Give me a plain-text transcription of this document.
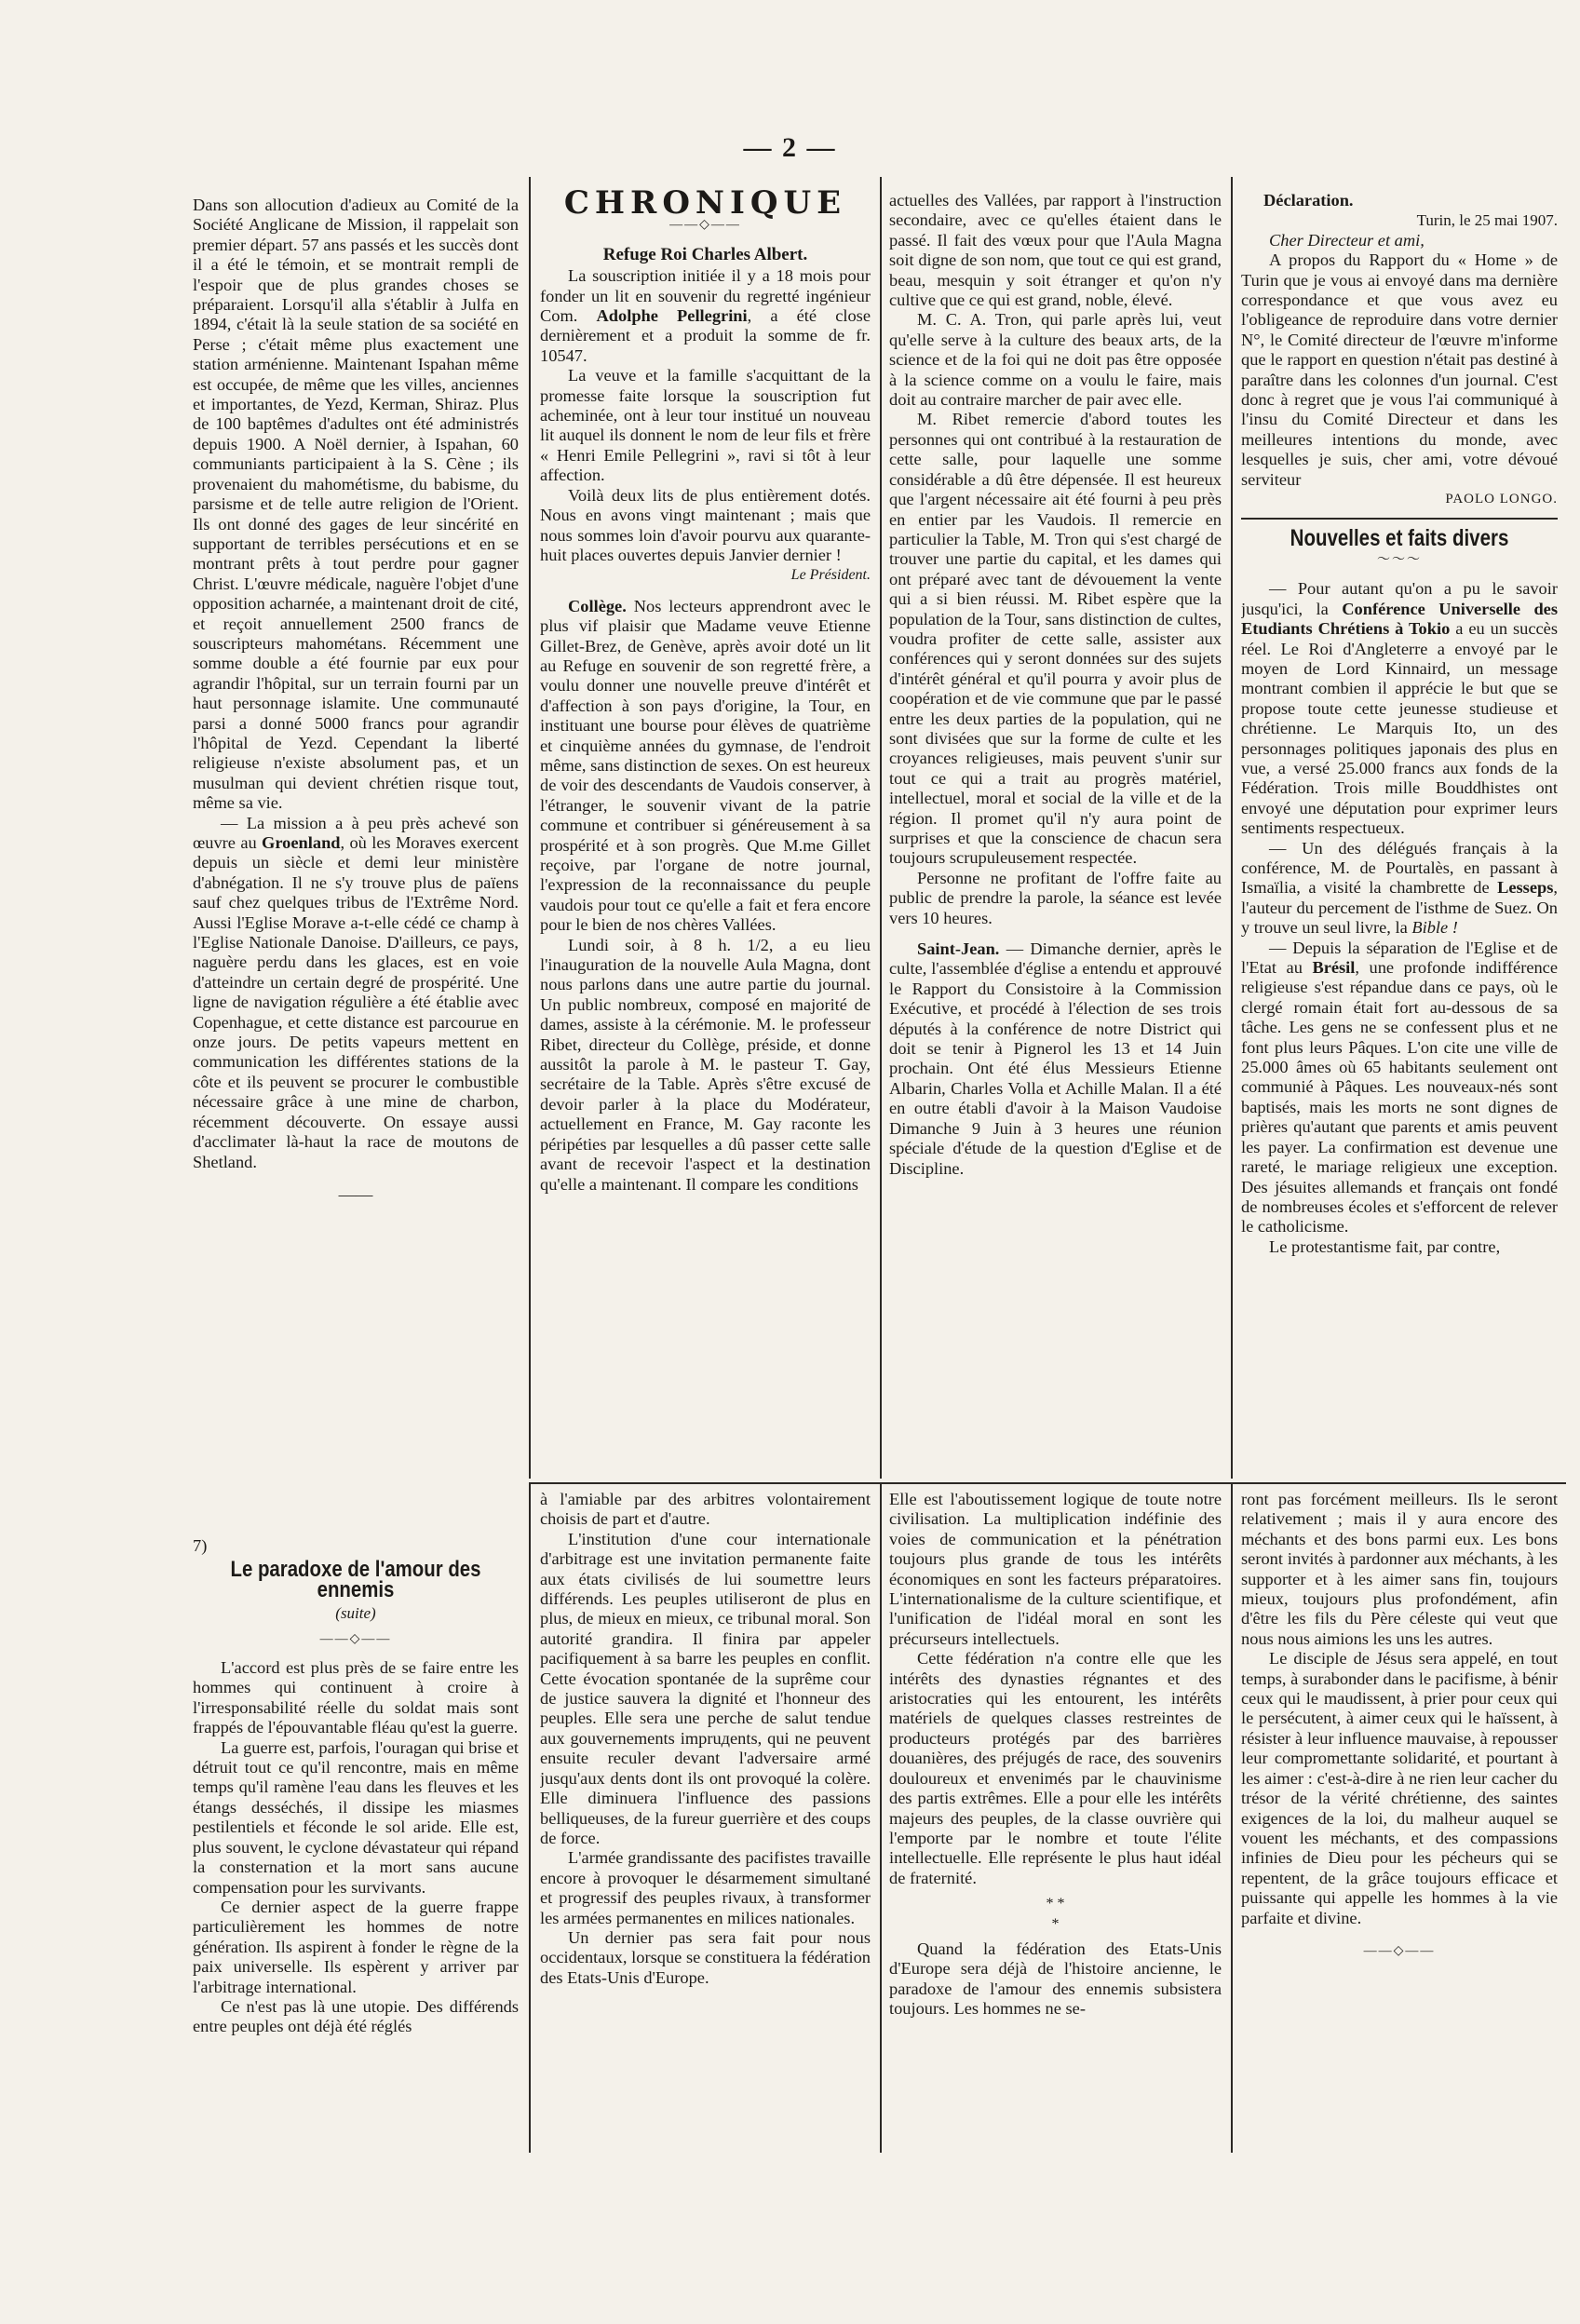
— 2 —

Dans son allocution d'adieux au Comité de la Société Anglicane de Mission, il rappelait son premier départ. 57 ans passés et les succès dont il a été le témoin, et se montrait rempli de l'espoir que de plus grandes choses se préparaient. Lorsqu'il alla s'établir à Julfa en 1894, c'était là la seule station de sa société en Perse ; c'était même plus exactement une station arménienne. Maintenant Ispahan même est occupée, de même que les villes, anciennes et importantes, de Yezd, Kerman, Shiraz. Plus de 100 baptêmes d'adultes ont été administrés depuis 1900. A Noël dernier, à Ispahan, 60 communiants participaient à la S. Cène ; ils provenaient du mahométisme, du babisme, du parsisme et de telle autre religion de l'Orient. Ils ont donné des gages de leur sincérité en supportant de terribles persécutions et en se montrant prêts à tout perdre pour gagner Christ. L'œuvre médicale, naguère l'objet d'une opposition acharnée, a maintenant droit de cité, et reçoit annuellement 2500 francs de souscripteurs mahométans. Récemment une somme double a été fournie par eux pour agrandir l'hôpital, sur un terrain fourni par un haut personnage islamite. Une communauté parsi a donné 5000 francs pour agrandir l'hôpital de Yezd. Cependant la liberté religieuse n'existe absolument pas, et un musulman qui devient chrétien risque tout, même sa vie.

— La mission a à peu près achevé son œuvre au Groenland, où les Moraves exercent depuis un siècle et demi leur ministère d'abnégation. Il ne s'y trouve plus de païens sauf chez quelques tribus de l'Extrême Nord. Aussi l'Eglise Morave a-t-elle cédé ce champ à l'Eglise Nationale Danoise. D'ailleurs, ce pays, naguère perdu dans les glaces, est en voie d'atteindre un certain degré de prospérité. Une ligne de navigation régulière a été établie avec Copenhague, et cette distance est parcourue en onze jours. De petits vapeurs mettent en communication les différentes stations de la côte et ils peuvent se procurer le combustible nécessaire grâce à une mine de charbon, récemment découverte. On essaye aussi d'acclimater là-haut la race de moutons de Shetland.

——
CHRONIQUE
——◇——
Refuge Roi Charles Albert.

La souscription initiée il y a 18 mois pour fonder un lit en souvenir du regretté ingénieur Com. Adolphe Pellegrini, a été close dernièrement et a produit la somme de fr. 10547.

La veuve et la famille s'acquittant de la promesse faite lorsque la souscription fut acheminée, ont à leur tour institué un nouveau lit auquel ils donnent le nom de leur fils et frère « Henri Emile Pellegrini », ravi si tôt à leur affection.

Voilà deux lits de plus entièrement dotés. Nous en avons vingt maintenant ; mais que nous sommes loin d'avoir pourvu aux quarante-huit places ouvertes depuis Janvier dernier !

Le Président.

Collège. Nos lecteurs apprendront avec le plus vif plaisir que Madame veuve Etienne Gillet-Brez, de Genève, après avoir doté un lit au Refuge en souvenir de son regretté frère, a voulu donner une nouvelle preuve d'intérêt et d'affection à son pays d'origine, la Tour, en instituant une bourse pour élèves de quatrième et cinquième années du gymnase, de l'endroit même, sans distinction de sexes. On est heureux de voir des descendants de Vaudois conserver, à l'étranger, le souvenir vivant de la patrie commune et contribuer si généreusement à sa prospérité et à son progrès. Que M.me Gillet reçoive, par l'organe de notre journal, l'expression de la reconnaissance du peuple vaudois pour tout ce qu'elle a fait et fera encore pour le bien de nos chères Vallées.

Lundi soir, à 8 h. 1/2, a eu lieu l'inauguration de la nouvelle Aula Magna, dont nous parlons dans une autre partie du journal. Un public nombreux, composé en majorité de dames, assiste à la cérémonie. M. le professeur Ribet, directeur du Collège, préside, et donne aussitôt la parole à M. le pasteur T. Gay, secrétaire de la Table. Après s'être excusé de devoir parler à la place du Modérateur, actuellement en France, M. Gay raconte les péripéties par lesquelles a dû passer cette salle avant de recevoir l'aspect et la destination qu'elle a maintenant. Il compare les conditions

actuelles des Vallées, par rapport à l'instruction secondaire, avec ce qu'elles étaient dans le passé. Il fait des vœux pour que l'Aula Magna soit digne de son nom, que tout ce qui est grand, beau, mesquin y soit étranger et qu'on n'y cultive que ce qui est grand, noble, élevé.

M. C. A. Tron, qui parle après lui, veut qu'elle serve à la culture des beaux arts, de la science et de la foi qui ne doit pas être opposée à la science comme on a voulu le faire, mais doit au contraire marcher de pair avec elle.

M. Ribet remercie d'abord toutes les personnes qui ont contribué à la restauration de cette salle, pour laquelle une somme considérable a dû être dépensée. Il est heureux que l'argent nécessaire ait été fourni à peu près en entier par les Vaudois. Il remercie en particulier la Table, M. Tron qui s'est chargé de trouver une partie du capital, et les dames qui ont préparé avec tant de dévouement la vente qui a si bien réussi. M. Ribet espère que la population de la Tour, sans distinction de cultes, voudra profiter de cette salle, assister aux conférences qui y seront données sur des sujets d'intérêt général et qu'il pourra y avoir plus de coopération et de vie commune que par le passé entre les deux parties de la population, qui ne sont divisées que sur la forme de culte et les croyances religieuses, mais peuvent s'unir sur tout ce qui a trait au progrès matériel, intellectuel, moral et social de la ville et de la région. Il promet qu'il n'y aura point de surprises et que la conscience de chacun sera toujours scrupuleusement respectée.

Personne ne profitant de l'offre faite au public de prendre la parole, la séance est levée vers 10 heures.

Saint-Jean. — Dimanche dernier, après le culte, l'assemblée d'église a entendu et approuvé le Rapport du Consistoire à la Commission Exécutive, et procédé à l'élection de ses trois députés à la conférence de notre District qui doit se tenir à Pignerol les 13 et 14 Juin prochain. Ont été élus Messieurs Etienne Albarin, Charles Volla et Achille Malan. Il a été en outre établi d'avoir à la Maison Vaudoise Dimanche 9 Juin à 3 heures une réunion spéciale d'étude de la question d'Eglise et de Discipline.

Déclaration.
Turin, le 25 mai 1907.

Cher Directeur et ami,

A propos du Rapport du « Home » de Turin que je vous ai envoyé dans ma dernière correspondance et que vous avez eu l'obligeance de reproduire dans votre dernier N°, le Comité directeur de l'œuvre m'informe que le rapport en question n'était pas destiné à paraître dans les colonnes d'un journal. C'est donc à regret que je vous l'ai communiqué à l'insu du Comité Directeur et dans les meilleures intentions du monde, avec lesquelles je suis, cher ami, votre dévoué serviteur

PAOLO LONGO.
Nouvelles et faits divers
～～～

— Pour autant qu'on a pu le savoir jusqu'ici, la Conférence Universelle des Etudiants Chrétiens à Tokio a eu un succès réel. Le Roi d'Angleterre a envoyé par le moyen de Lord Kinnaird, un message montrant combien il apprécie le but que se propose toute cette jeunesse studieuse et chrétienne. Le Marquis Ito, un des personnages politiques japonais des plus en vue, a versé 25.000 francs aux fonds de la Fédération. Trois mille Bouddhistes ont envoyé une députation pour exprimer leurs sentiments respectueux.

— Un des délégués français à la conférence, M. de Pourtalès, en passant à Ismaïlia, a visité la chambrette de Lesseps, l'auteur du percement de l'isthme de Suez. On y trouve un seul livre, la Bible !

— Depuis la séparation de l'Eglise et de l'Etat au Brésil, une profonde indifférence religieuse s'est répandue dans ce pays, où le clergé romain était fort au-dessous de sa tâche. Les gens ne se confessent plus et ne font plus leurs Pâques. L'on cite une ville de 25.000 âmes où 65 habitants seulement ont communié à Pâques. Les nouveaux-nés sont baptisés, mais les morts ne sont dignes de prières qu'autant que parents et amis peuvent les payer. La confirmation est devenue une rareté, le mariage religieux une exception. Des jésuites allemands et français ont fondé de nombreuses écoles et s'efforcent de relever le catholicisme.

Le protestantisme fait, par contre,

7)
Le paradoxe de l'amour des ennemis
(suite)
——◇——

L'accord est plus près de se faire entre les hommes qui continuent à croire à l'irresponsabilité réelle du soldat mais sont frappés de l'épouvantable fléau qu'est la guerre.

La guerre est, parfois, l'ouragan qui brise et détruit tout ce qu'il rencontre, mais en même temps qu'il ramène l'eau dans les fleuves et les étangs desséchés, il dissipe les miasmes pestilentiels et féconde le sol aride. Elle est, plus souvent, le cyclone dévastateur qui répand la consternation et la mort sans aucune compensation pour les survivants.

Ce dernier aspect de la guerre frappe particulièrement les hommes de notre génération. Ils aspirent à fonder le règne de la paix universelle. Ils espèrent y arriver par l'arbitrage international.

Ce n'est pas là une utopie. Des différends entre peuples ont déjà été réglés

à l'amiable par des arbitres volontairement choisis de part et d'autre.

L'institution d'une cour internationale d'arbitrage est une invitation permanente faite aux états civilisés de lui soumettre leurs différends. Les peuples utiliseront de plus en plus, de mieux en mieux, ce tribunal moral. Son autorité grandira. Il finira par appeler pacifiquement à sa barre les peuples en conflit. Cette évocation spontanée de la suprême cour de justice sauvera la dignité et l'honneur des peuples. Elle sera une perche de salut tendue aux gouvernements impruдents, qui ne peuvent ensuite reculer devant l'adversaire armé jusqu'aux dents dont ils ont provoqué la colère. Elle diminuera l'influence des passions belliqueuses, de la fureur guerrière et des coups de force.

L'armée grandissante des pacifistes travaille encore à provoquer le désarmement simultané et progressif des peuples rivaux, à transformer les armées permanentes en milices nationales.

Un dernier pas sera fait pour nous occidentaux, lorsque se constituera la fédération des Etats-Unis d'Europe.

Elle est l'aboutissement logique de toute notre civilisation. La multiplication indéfinie des voies de communication et la pénétration toujours plus grande de tous les intérêts économiques en sont les facteurs préparatoires. L'internationalisme de la culture scientifique, et l'unification de l'idéal moral en sont les précurseurs intellectuels.

Cette fédération n'a contre elle que les intérêts des dynasties régnantes et des aristocraties qui les entourent, les intérêts matériels de quelques classes restreintes de producteurs protégés par des barrières douanières, des préjugés de race, des souvenirs douloureux et envenimés par le chauvinisme des partis extrêmes. Elle a pour elle les intérêts majeurs des peuples, de la classe ouvrière qui l'emporte par le nombre et toute l'élite intellectuelle. Elle représente le plus haut idéal de fraternité.

* *
*

Quand la fédération des Etats-Unis d'Europe sera déjà de l'histoire ancienne, le paradoxe de l'amour des ennemis subsistera toujours. Les hommes ne se-

ront pas forcément meilleurs. Ils le seront relativement ; mais il y aura encore des méchants et des bons parmi eux. Les bons seront invités à pardonner aux méchants, à les supporter et à les aimer sans fin, toujours mieux, toujours plus profondément, afin d'être les fils du Père céleste qui veut que nous nous aimions les uns les autres.

Le disciple de Jésus sera appelé, en tout temps, à surabonder dans le pacifisme, à bénir ceux qui le maudissent, à prier pour ceux qui le persécutent, à aimer ceux qui le haïssent, à résister à leur influence mauvaise, à repousser leur compromettante solidarité, et pourtant à les aimer : c'est-à-dire à ne rien leur cacher du trésor de la vérité chrétienne, des saintes exigences de la loi, du malheur auquel se vouent les méchants, et des compassions infinies de Dieu pour les pécheurs qui se repentent, de la grâce toujours efficace et puissante qui appelle les hommes à la vie parfaite et divine.

——◇——
